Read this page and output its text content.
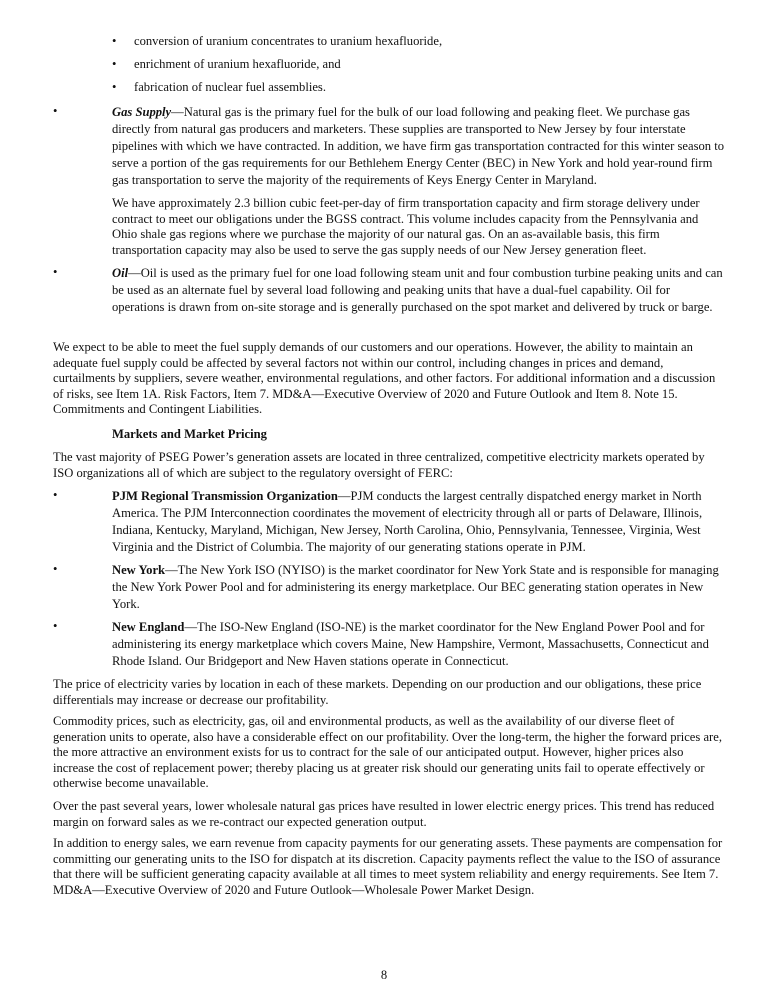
• conversion of uranium concentrates to uranium hexafluoride,
• enrichment of uranium hexafluoride, and
• fabrication of nuclear fuel assemblies.
•	Gas Supply—Natural gas is the primary fuel for the bulk of our load following and peaking fleet. We purchase gas directly from natural gas producers and marketers. These supplies are transported to New Jersey by four interstate pipelines with which we have contracted. In addition, we have firm gas transportation contracted for this winter season to serve a portion of the gas requirements for our Bethlehem Energy Center (BEC) in New York and hold year-round firm gas transportation to serve the majority of the requirements of Keys Energy Center in Maryland.

We have approximately 2.3 billion cubic feet-per-day of firm transportation capacity and firm storage delivery under contract to meet our obligations under the BGSS contract. This volume includes capacity from the Pennsylvania and Ohio shale gas regions where we purchase the majority of our natural gas. On an as-available basis, this firm transportation capacity may also be used to serve the gas supply needs of our New Jersey generation fleet.

•	Oil—Oil is used as the primary fuel for one load following steam unit and four combustion turbine peaking units and can be used as an alternate fuel by several load following and peaking units that have a dual-fuel capability. Oil for operations is drawn from on-site storage and is generally purchased on the spot market and delivered by truck or barge.

We expect to be able to meet the fuel supply demands of our customers and our operations. However, the ability to maintain an adequate fuel supply could be affected by several factors not within our control, including changes in prices and demand, curtailments by suppliers, severe weather, environmental regulations, and other factors. For additional information and a discussion of risks, see Item 1A. Risk Factors, Item 7. MD&A—Executive Overview of 2020 and Future Outlook and Item 8. Note 15. Commitments and Contingent Liabilities.

Markets and Market Pricing

The vast majority of PSEG Power’s generation assets are located in three centralized, competitive electricity markets operated by ISO organizations all of which are subject to the regulatory oversight of FERC:

•	PJM Regional Transmission Organization—PJM conducts the largest centrally dispatched energy market in North America. The PJM Interconnection coordinates the movement of electricity through all or parts of Delaware, Illinois, Indiana, Kentucky, Maryland, Michigan, New Jersey, North Carolina, Ohio, Pennsylvania, Tennessee, Virginia, West Virginia and the District of Columbia. The majority of our generating stations operate in PJM.

•	New York—The New York ISO (NYISO) is the market coordinator for New York State and is responsible for managing the New York Power Pool and for administering its energy marketplace. Our BEC generating station operates in New York.

•	New England—The ISO-New England (ISO-NE) is the market coordinator for the New England Power Pool and for administering its energy marketplace which covers Maine, New Hampshire, Vermont, Massachusetts, Connecticut and Rhode Island. Our Bridgeport and New Haven stations operate in Connecticut.

The price of electricity varies by location in each of these markets. Depending on our production and our obligations, these price differentials may increase or decrease our profitability.

Commodity prices, such as electricity, gas, oil and environmental products, as well as the availability of our diverse fleet of generation units to operate, also have a considerable effect on our profitability. Over the long-term, the higher the forward prices are, the more attractive an environment exists for us to contract for the sale of our anticipated output. However, higher prices also increase the cost of replacement power; thereby placing us at greater risk should our generating units fail to operate effectively or otherwise become unavailable.

Over the past several years, lower wholesale natural gas prices have resulted in lower electric energy prices. This trend has reduced margin on forward sales as we re-contract our expected generation output.

In addition to energy sales, we earn revenue from capacity payments for our generating assets. These payments are compensation for committing our generating units to the ISO for dispatch at its discretion. Capacity payments reflect the value to the ISO of assurance that there will be sufficient generating capacity available at all times to meet system reliability and energy requirements. See Item 7. MD&A—Executive Overview of 2020 and Future Outlook—Wholesale Power Market Design.

8
